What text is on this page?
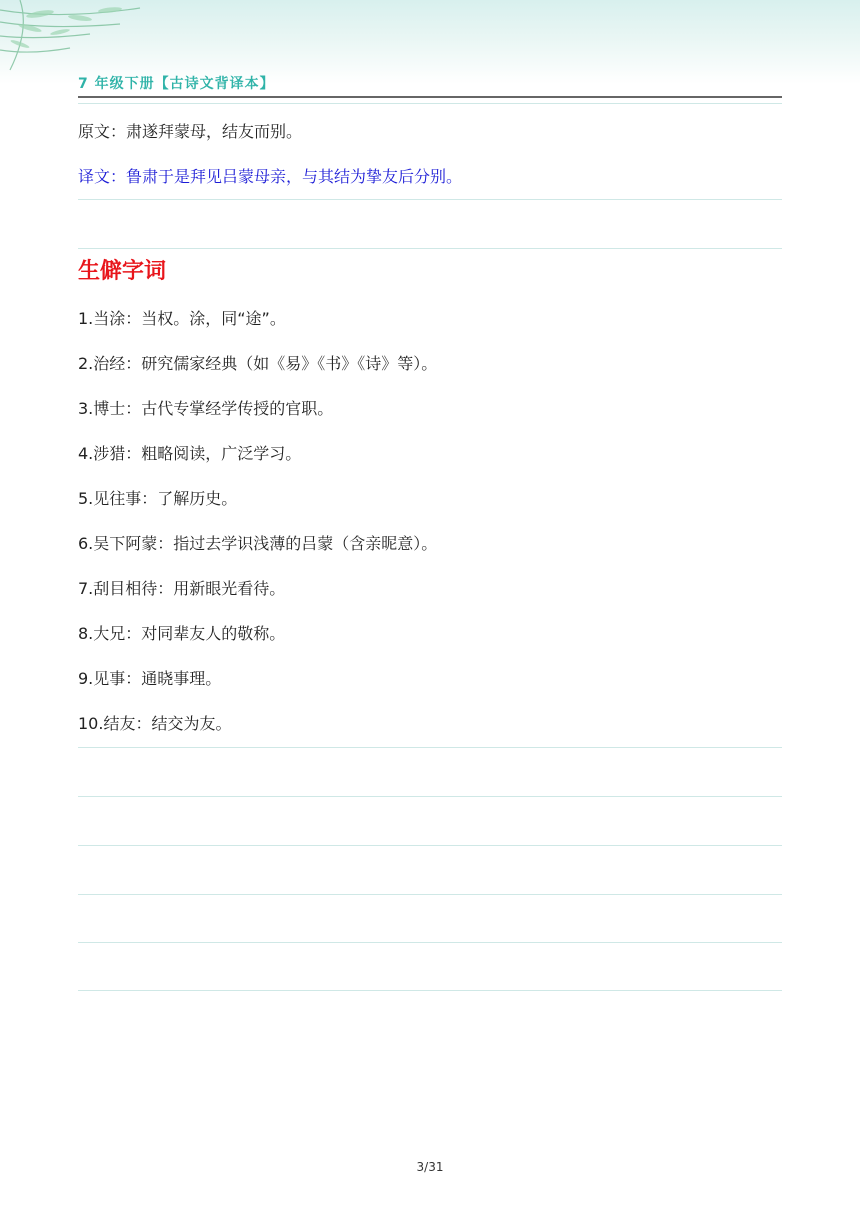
7 年级下册【古诗文背译本】
原文：肃遂拜蒙母，结友而别。
译文：鲁肃于是拜见吕蒙母亲，与其结为挚友后分别。
生僻字词
1.当涂：当权。涂，同“途”。
2.治经：研究儒家经典（如《易》《书》《诗》等）。
3.博士：古代专掌经学传授的官职。
4.涉猎：粗略阅读，广泛学习。
5.见往事：了解历史。
6.吴下阿蒙：指过去学识浅薄的吕蒙（含亲昵意）。
7.刮目相待：用新眼光看待。
8.大兄：对同辈友人的敬称。
9.见事：通晓事理。
10.结友：结交为友。
3/31
